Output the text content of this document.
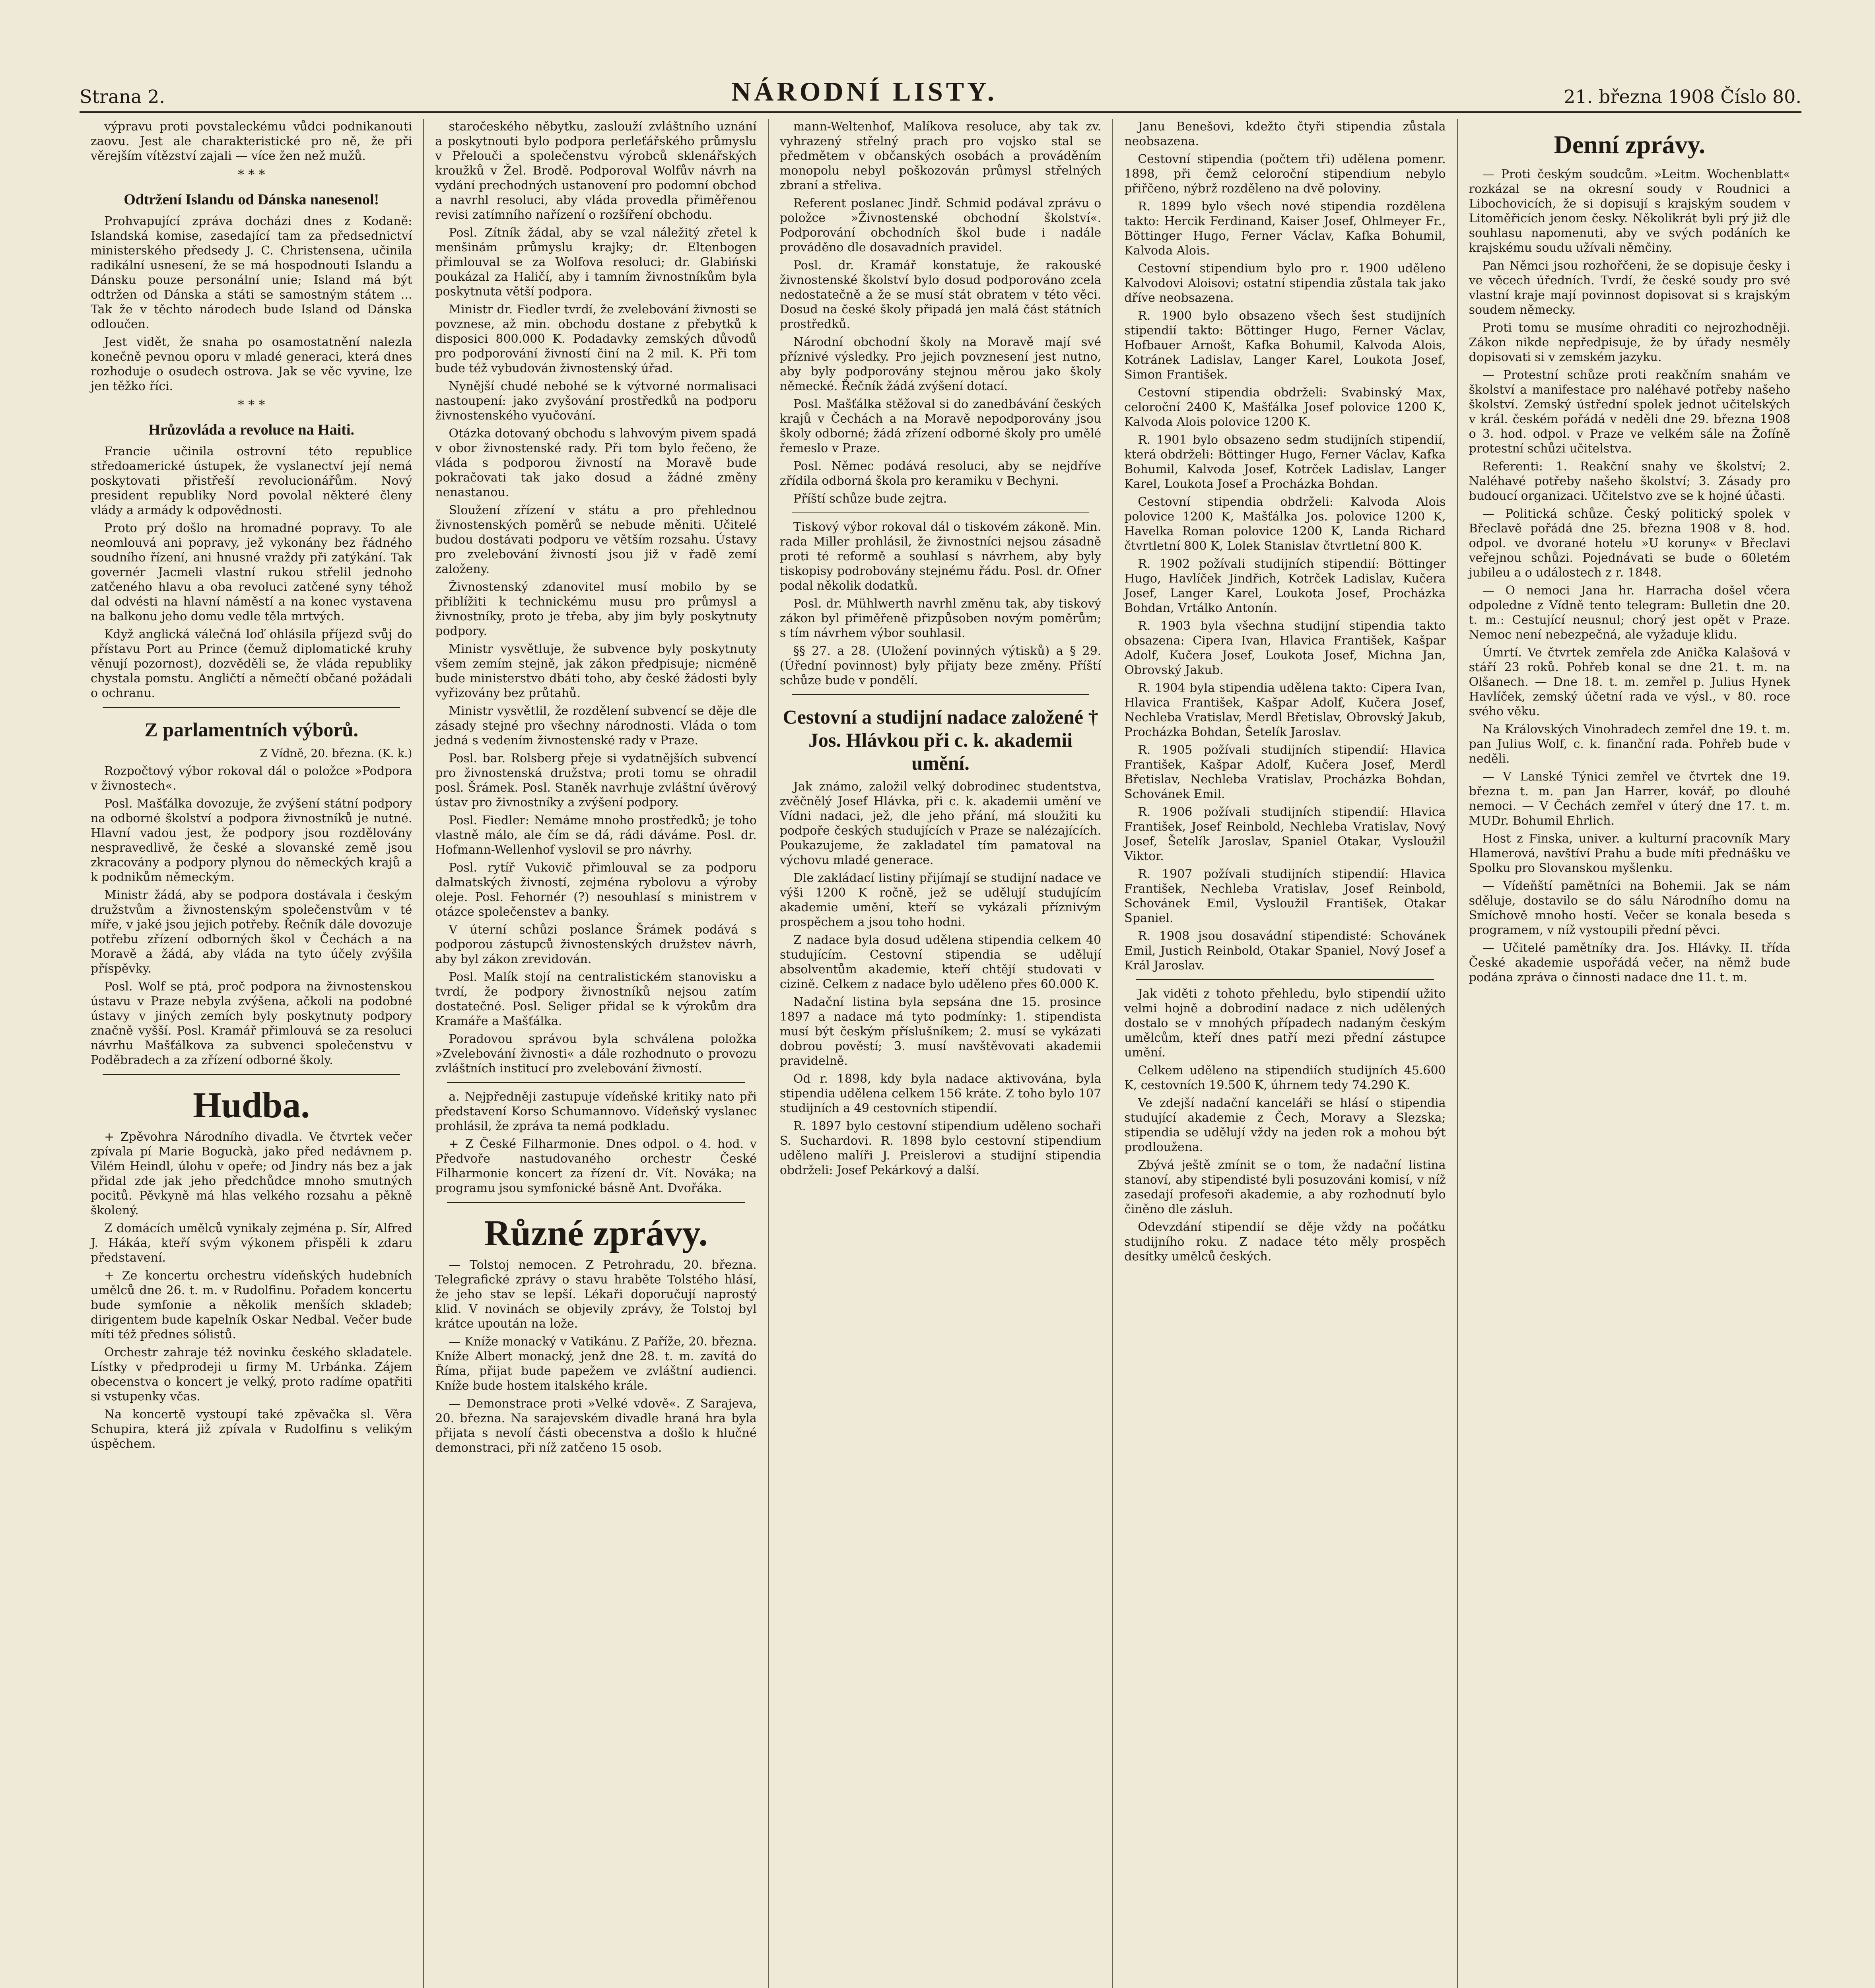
Strana 2.	NÁRODNÍ LISTY.	21. března 1908 Číslo 80.

výpravu proti povstaleckému vůdci podnikanouti zaovu. Jest ale charakteristické pro ně, že při věrejším vítězství zajali — více žen než mužů.

* * *
Odtržení Islandu od Dánska nanesenol!

Prohvapující zpráva docházi dnes z Kodaně: Islandská komise, zasedající tam za předsednictví ministerského předsedy J. C. Christensena, učinila radikální usnesení, že se má hospodnouti Islandu a Dánsku pouze personální unie; Island má být odtržen od Dánska a státi se samostným státem ... Tak že v těchto národech bude Island od Dánska odloučen.

Jest vidět, že snaha po osamostatnění nalezla konečně pevnou oporu v mladé generaci, která dnes rozhoduje o osudech ostrova. Jak se věc vyvine, lze jen těžko říci.

* * *
Hrůzovláda a revoluce na Haiti.

Francie učinila ostrovní této republice středoamerické ústupek, že vyslanectví její nemá poskytovati přistřeší revolucionářům. Nový president republiky Nord povolal některé členy vlády a armády k odpovědnosti.

Proto prý došlo na hromadné popravy. To ale neomlouvá ani popravy, jež vykonány bez řádného soudního řízení, ani hnusné vraždy při zatýkání. Tak governér Jacmeli vlastní rukou střelil jednoho zatčeného hlavu a oba revoluci zatčené syny téhož dal odvésti na hlavní náměstí a na konec vystavena na balkonu jeho domu vedle těla mrtvých.

Když anglická válečná loď ohlásila příjezd svůj do přístavu Port au Prince (čemuž diplomatické kruhy věnují pozornost), dozvěděli se, že vláda republiky chystala pomstu. Angličtí a němečtí občané požádali o ochranu.

Z parlamentních výborů.
Z Vídně, 20. března. (K. k.)

Rozpočtový výbor rokoval dál o položce »Podpora v živnostech«.

Posl. Mašťálka dovozuje, že zvýšení státní podpory na odborné školství a podpora živnostníků je nutné. Hlavní vadou jest, že podpory jsou rozdělovány nespravedlivě, že české a slovanské země jsou zkracovány a podpory plynou do německých krajů a k podnikům německým.

Ministr žádá, aby se podpora dostávala i českým družstvům a živnostenským společenstvům v té míře, v jaké jsou jejich potřeby. Řečník dále dovozuje potřebu zřízení odborných škol v Čechách a na Moravě a žádá, aby vláda na tyto účely zvýšila příspěvky.

Posl. Wolf se ptá, proč podpora na živnostenskou ústavu v Praze nebyla zvýšena, ačkoli na podobné ústavy v jiných zemích byly poskytnuty podpory značně vyšší. Posl. Kramář přimlouvá se za resoluci návrhu Mašťálkova za subvenci společenstvu v Poděbradech a za zřízení odborné školy.

Hudba.

+ Zpěvohra Národního divadla. Ve čtvrtek večer zpívala pí Marie Boguckà, jako před nedávnem p. Vilém Heindl, úlohu v opeře; od Jindry nás bez a jak přidal zde jak jeho předchůdce mnoho smutných pocitů. Pěvkyně má hlas velkého rozsahu a pěkně školený.

Z domácích umělců vynikaly zejména p. Sír, Alfred J. Hákáa, kteří svým výkonem přispěli k zdaru představení.

+ Ze koncertu orchestru vídeňských hudebních umělců dne 26. t. m. v Rudolfinu. Pořadem koncertu bude symfonie a několik menších skladeb; dirigentem bude kapelník Oskar Nedbal. Večer bude míti též přednes sólistů.

Orchestr zahraje též novinku českého skladatele. Lístky v předprodeji u firmy M. Urbánka. Zájem obecenstva o koncert je velký, proto radíme opatřiti si vstupenky včas.

Na koncertě vystoupí také zpěvačka sl. Věra Schupira, která již zpívala v Rudolfinu s velikým úspěchem.

staročeského něbytku, zaslouží zvláštního uznání a poskytnouti bylo podpora perleťářského průmyslu v Přelouči a společenstvu výrobců sklenářských kroužků v Žel. Brodě. Podporoval Wolfův návrh na vydání prechodných ustanovení pro podomní obchod a navrhl resoluci, aby vláda provedla přiměřenou revisi zatímního nařízení o rozšíření obchodu.

Posl. Zítník žádal, aby se vzal náležitý zřetel k menšinám průmyslu krajky; dr. Eltenbogen přimlouval se za Wolfova resoluci; dr. Glabiński poukázal za Haličí, aby i tamním živnostníkům byla poskytnuta větší podpora.

Ministr dr. Fiedler tvrdí, že zvelebování živnosti se povznese, až min. obchodu dostane z přebytků k disposici 800.000 K. Podadavky zemských důvodů pro podporování živností činí na 2 mil. K. Při tom bude též vybudován živnostenský úřad.

Nynější chudé nebohé se k výtvorné normalisaci nastoupení: jako zvyšování prostředků na podporu živnostenského vyučování.

Otázka dotovaný obchodu s lahvovým pivem spadá v obor živnostenské rady. Při tom bylo řečeno, že vláda s podporou živností na Moravě bude pokračovati tak jako dosud a žádné změny nenastanou.

Sloužení zřízení v státu a pro přehlednou živnostenských poměrů se nebude měniti. Učitelé budou dostávati podporu ve větším rozsahu. Ústavy pro zvelebování živností jsou již v řadě zemí založeny.

Živnostenský zdanovitel musí mobilo by se přiblížiti k technickému musu pro průmysl a živnostníky, proto je třeba, aby jim byly poskytnuty podpory.

Ministr vysvětluje, že subvence byly poskytnuty všem zemím stejně, jak zákon předpisuje; nicméně bude ministerstvo dbáti toho, aby české žádosti byly vyřizovány bez průtahů.

Ministr vysvětlil, že rozdělení subvencí se děje dle zásady stejné pro všechny národnosti. Vláda o tom jedná s vedením živnostenské rady v Praze.

Posl. bar. Rolsberg přeje si vydatnějších subvencí pro živnostenská družstva; proti tomu se ohradil posl. Šrámek. Posl. Staněk navrhuje zvláštní úvěrový ústav pro živnostníky a zvýšení podpory.

Posl. Fiedler: Nemáme mnoho prostředků; je toho vlastně málo, ale čím se dá, rádi dáváme. Posl. dr. Hofmann-Wellenhof vyslovil se pro návrhy.

Posl. rytíř Vukovič přimlouval se za podporu dalmatských živností, zejména rybolovu a výroby oleje. Posl. Fehornér (?) nesouhlasí s ministrem v otázce společenstev a banky.

V úterní schůzi poslance Šrámek podává s podporou zástupců živnostenských družstev návrh, aby byl zákon zrevidován.

Posl. Malík stojí na centralistickém stanovisku a tvrdí, že podpory živnostníků nejsou zatím dostatečné. Posl. Seliger přidal se k výrokům dra Kramáře a Mašťálka.

Poradovou správou byla schválena položka »Zvelebování živnosti« a dále rozhodnuto o provozu zvláštních institucí pro zvelebování živností.

a. Nejpředněji zastupuje vídeňské kritiky nato při představení Korso Schumannovo. Vídeňský vyslanec prohlásil, že zpráva ta nemá podkladu.

+ Z České Filharmonie. Dnes odpol. o 4. hod. v Předvoře nastudovaného orchestr České Filharmonie koncert za řízení dr. Vít. Nováka; na programu jsou symfonické básně Ant. Dvořáka.

Různé zprávy.

— Tolstoj nemocen. Z Petrohradu, 20. března. Telegrafické zprávy o stavu hraběte Tolstého hlásí, že jeho stav se lepší. Lékaři doporučují naprostý klid. V novinách se objevily zprávy, že Tolstoj byl krátce upoután na lože.

— Kníže monacký v Vatikánu. Z Paříže, 20. března. Kníže Albert monacký, jenž dne 28. t. m. zavítá do Říma, přijat bude papežem ve zvláštní audienci. Kníže bude hostem italského krále.

— Demonstrace proti »Velké vdově«. Z Sarajeva, 20. března. Na sarajevském divadle hraná hra byla přijata s nevolí části obecenstva a došlo k hlučné demonstraci, při níž zatčeno 15 osob.

mann-Weltenhof, Malíkova resoluce, aby tak zv. vyhrazený střelný prach pro vojsko stal se předmětem v občanských osobách a prováděním monopolu nebyl poškozován průmysl střelných zbraní a střeliva.

Referent poslanec Jindř. Schmid podával zprávu o položce »Živnostenské obchodní školství«. Podporování obchodních škol bude i nadále prováděno dle dosavadních pravidel.

Posl. dr. Kramář konstatuje, že rakouské živnostenské školství bylo dosud podporováno zcela nedostatečně a že se musí stát obratem v této věci. Dosud na české školy připadá jen malá část státních prostředků.

Národní obchodní školy na Moravě mají své příznivé výsledky. Pro jejich povznesení jest nutno, aby byly podporovány stejnou měrou jako školy německé. Řečník žádá zvýšení dotací.

Posl. Mašťálka stěžoval si do zanedbávání českých krajů v Čechách a na Moravě nepodporovány jsou školy odborné; žádá zřízení odborné školy pro umělé řemeslo v Praze.

Posl. Němec podává resoluci, aby se nejdříve zřídila odborná škola pro keramiku v Bechyni.

Příští schůze bude zejtra.

Tiskový výbor rokoval dál o tiskovém zákoně. Min. rada Miller prohlásil, že živnostníci nejsou zásadně proti té reformě a souhlasí s návrhem, aby byly tiskopisy podrobovány stejnému řádu. Posl. dr. Ofner podal několik dodatků.

Posl. dr. Mühlwerth navrhl změnu tak, aby tiskový zákon byl přiměřeně přizpůsoben novým poměrům; s tím návrhem výbor souhlasil.

§§ 27. a 28. (Uložení povinných výtisků) a § 29. (Úřední povinnost) byly přijaty beze změny. Příští schůze bude v pondělí.

Cestovní a studijní nadace založené † Jos. Hlávkou při c. k. akademii umění.

Jak známo, založil velký dobrodinec studentstva, zvěčnělý Josef Hlávka, při c. k. akademii umění ve Vídni nadaci, jež, dle jeho přání, má sloužiti ku podpoře českých studujících v Praze se nalézajících. Poukazujeme, že zakladatel tím pamatoval na výchovu mladé generace.

Dle zakládací listiny přijímají se studijní nadace ve výši 1200 K ročně, jež se udělují studujícím akademie umění, kteří se vykázali příznivým prospěchem a jsou toho hodni.

Z nadace byla dosud udělena stipendia celkem 40 studujícím. Cestovní stipendia se udělují absolventům akademie, kteří chtějí studovati v cizině. Celkem z nadace bylo uděleno přes 60.000 K.

Nadační listina byla sepsána dne 15. prosince 1897 a nadace má tyto podmínky: 1. stipendista musí být českým příslušníkem; 2. musí se vykázati dobrou pověstí; 3. musí navštěvovati akademii pravidelně.

Od r. 1898, kdy byla nadace aktivována, byla stipendia udělena celkem 156 kráte. Z toho bylo 107 studijních a 49 cestovních stipendií.

R. 1897 bylo cestovní stipendium uděleno sochaři S. Suchardovi. R. 1898 bylo cestovní stipendium uděleno malíři J. Preislerovi a studijní stipendia obdrželi: Josef Pekárkový a další.

Janu Benešovi, kdežto čtyři stipendia zůstala neobsazena.

Cestovní stipendia (počtem tři) udělena pomenr. 1898, při čemž celoroční stipendium nebylo přiřčeno, nýbrž rozděleno na dvě poloviny.

R. 1899 bylo všech nové stipendia rozdělena takto: Hercik Ferdinand, Kaiser Josef, Ohlmeyer Fr., Böttinger Hugo, Ferner Václav, Kafka Bohumil, Kalvoda Alois.

Cestovní stipendium bylo pro r. 1900 uděleno Kalvodovi Aloisovi; ostatní stipendia zůstala tak jako dříve neobsazena.

R. 1900 bylo obsazeno všech šest studijních stipendií takto: Böttinger Hugo, Ferner Václav, Hofbauer Arnošt, Kafka Bohumil, Kalvoda Alois, Kotránek Ladislav, Langer Karel, Loukota Josef, Simon František.

Cestovní stipendia obdrželi: Svabinský Max, celoroční 2400 K, Mašťálka Josef polovice 1200 K, Kalvoda Alois polovice 1200 K.

R. 1901 bylo obsazeno sedm studijních stipendií, která obdrželi: Böttinger Hugo, Ferner Václav, Kafka Bohumil, Kalvoda Josef, Kotrček Ladislav, Langer Karel, Loukota Josef a Procházka Bohdan.

Cestovní stipendia obdrželi: Kalvoda Alois polovice 1200 K, Mašťálka Jos. polovice 1200 K, Havelka Roman polovice 1200 K, Landa Richard čtvrtletní 800 K, Lolek Stanislav čtvrtletní 800 K.

R. 1902 požívali studijních stipendií: Böttinger Hugo, Havlíček Jindřich, Kotrček Ladislav, Kučera Josef, Langer Karel, Loukota Josef, Procházka Bohdan, Vrtálko Antonín.

R. 1903 byla všechna studijní stipendia takto obsazena: Cipera Ivan, Hlavica František, Kašpar Adolf, Kučera Josef, Loukota Josef, Michna Jan, Obrovský Jakub.

R. 1904 byla stipendia udělena takto: Cipera Ivan, Hlavica František, Kašpar Adolf, Kučera Josef, Nechleba Vratislav, Merdl Břetislav, Obrovský Jakub, Procházka Bohdan, Šetelík Jaroslav.

R. 1905 požívali studijních stipendií: Hlavica František, Kašpar Adolf, Kučera Josef, Merdl Břetislav, Nechleba Vratislav, Procházka Bohdan, Schovánek Emil.

R. 1906 požívali studijních stipendií: Hlavica František, Josef Reinbold, Nechleba Vratislav, Nový Josef, Šetelík Jaroslav, Spaniel Otakar, Vysloužil Viktor.

R. 1907 požívali studijních stipendií: Hlavica František, Nechleba Vratislav, Josef Reinbold, Schovánek Emil, Vysloužil František, Otakar Spaniel.

R. 1908 jsou dosavádní stipendisté: Schovánek Emil, Justich Reinbold, Otakar Spaniel, Nový Josef a Král Jaroslav.

Jak viděti z tohoto přehledu, bylo stipendií užito velmi hojně a dobrodiní nadace z nich udělených dostalo se v mnohých případech nadaným českým umělcům, kteří dnes patří mezi přední zástupce umění.

Celkem uděleno na stipendiích studijních 45.600 K, cestovních 19.500 K, úhrnem tedy 74.290 K.

Ve zdejší nadační kanceláři se hlásí o stipendia studující akademie z Čech, Moravy a Slezska; stipendia se udělují vždy na jeden rok a mohou být prodloužena.

Zbývá ještě zmínit se o tom, že nadační listina stanoví, aby stipendisté byli posuzováni komisí, v níž zasedají profesoři akademie, a aby rozhodnutí bylo činěno dle zásluh.

Odevzdání stipendií se děje vždy na počátku studijního roku. Z nadace této měly prospěch desítky umělců českých.

Denní zprávy.

— Proti českým soudcům. »Leitm. Wochenblatt« rozkázal se na okresní soudy v Roudnici a Libochovicích, že si dopisují s krajským soudem v Litoměřicích jenom česky. Několikrát byli prý již dle souhlasu napomenuti, aby ve svých podáních ke krajskému soudu užívali němčiny.

Pan Němci jsou rozhořčeni, že se dopisuje česky i ve věcech úředních. Tvrdí, že české soudy pro své vlastní kraje mají povinnost dopisovat si s krajským soudem německy.

Proti tomu se musíme ohraditi co nejrozhodněji. Zákon nikde nepředpisuje, že by úřady nesměly dopisovati si v zemském jazyku.

— Protestní schůze proti reakčním snahám ve školství a manifestace pro naléhavé potřeby našeho školství. Zemský ústřední spolek jednot učitelských v král. českém pořádá v neděli dne 29. března 1908 o 3. hod. odpol. v Praze ve velkém sále na Žofíně protestní schůzi učitelstva.

Referenti: 1. Reakční snahy ve školství; 2. Naléhavé potřeby našeho školství; 3. Zásady pro budoucí organizaci. Učitelstvo zve se k hojné účasti.

— Politická schůze. Český politický spolek v Břeclavě pořádá dne 25. března 1908 v 8. hod. odpol. ve dvorané hotelu »U koruny« v Břeclavi veřejnou schůzi. Pojednávati se bude o 60letém jubileu a o událostech z r. 1848.

— O nemoci Jana hr. Harracha došel včera odpoledne z Vídně tento telegram: Bulletin dne 20. t. m.: Cestující neusnul; chorý jest opět v Praze. Nemoc není nebezpečná, ale vyžaduje klidu.

Úmrtí. Ve čtvrtek zemřela zde Anička Kalašová v stáří 23 roků. Pohřeb konal se dne 21. t. m. na Olšanech. — Dne 18. t. m. zemřel p. Julius Hynek Havlíček, zemský účetní rada ve výsl., v 80. roce svého věku.

Na Královských Vinohradech zemřel dne 19. t. m. pan Julius Wolf, c. k. finanční rada. Pohřeb bude v neděli.

— V Lanské Týnici zemřel ve čtvrtek dne 19. března t. m. pan Jan Harrer, kovář, po dlouhé nemoci. — V Čechách zemřel v úterý dne 17. t. m. MUDr. Bohumil Ehrlich.

Host z Finska, univer. a kulturní pracovník Mary Hlamerová, navštíví Prahu a bude míti přednášku ve Spolku pro Slovanskou myšlenku.

— Vídeňští pamětníci na Bohemii. Jak se nám sděluje, dostavilo se do sálu Národního domu na Smíchově mnoho hostí. Večer se konala beseda s programem, v níž vystoupili přední pěvci.

— Učitelé pamětníky dra. Jos. Hlávky. II. třída České akademie uspořádá večer, na němž bude podána zpráva o činnosti nadace dne 11. t. m.
